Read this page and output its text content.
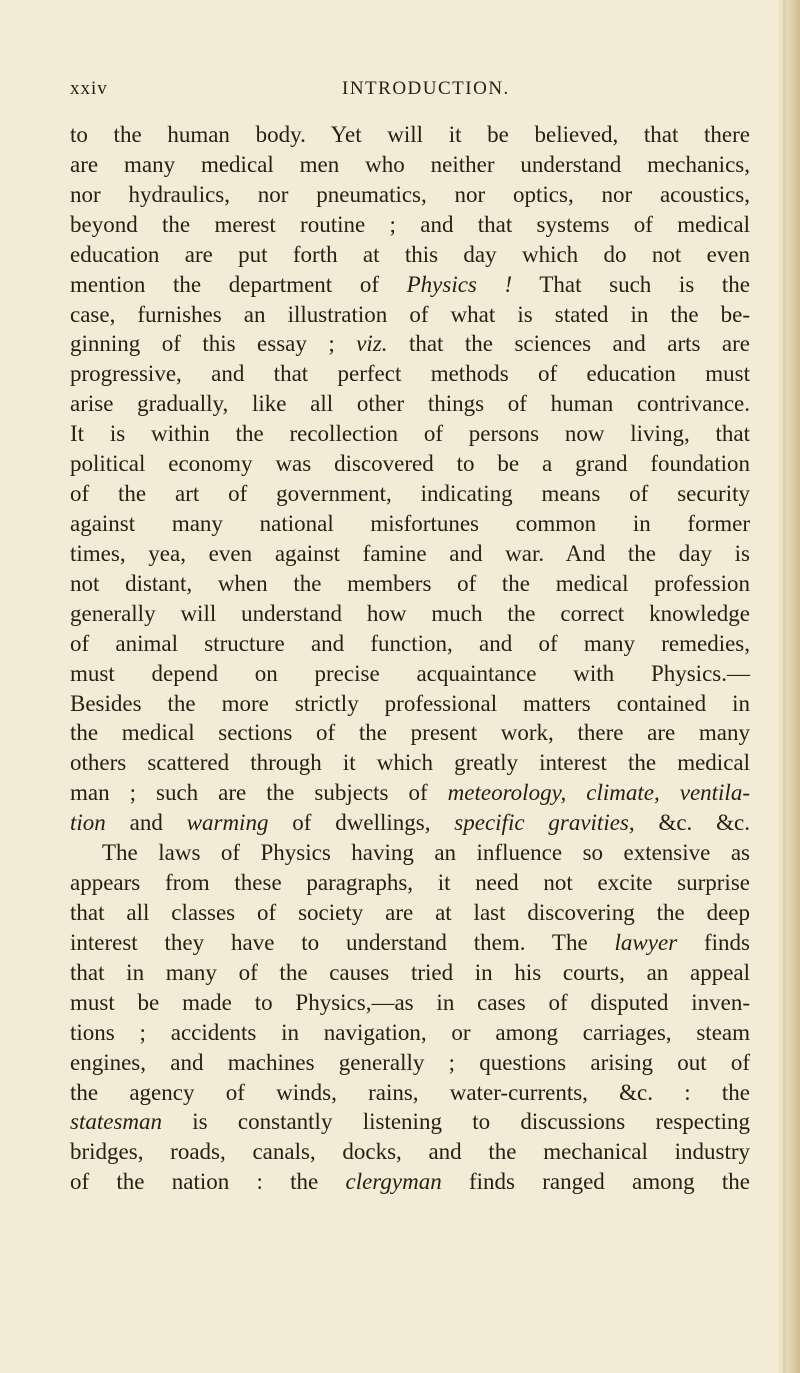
xxiv	INTRODUCTION.
to the human body. Yet will it be believed, that there
are many medical men who neither understand mechanics,
nor hydraulics, nor pneumatics, nor optics, nor acoustics,
beyond the merest routine ; and that systems of medical
education are put forth at this day which do not even
mention the department of Physics ! That such is the
case, furnishes an illustration of what is stated in the be-
ginning of this essay ; viz. that the sciences and arts are
progressive, and that perfect methods of education must
arise gradually, like all other things of human contrivance.
It is within the recollection of persons now living, that
political economy was discovered to be a grand foundation
of the art of government, indicating means of security
against many national misfortunes common in former
times, yea, even against famine and war. And the day is
not distant, when the members of the medical profession
generally will understand how much the correct knowledge
of animal structure and function, and of many remedies,
must depend on precise acquaintance with Physics.—
Besides the more strictly professional matters contained in
the medical sections of the present work, there are many
others scattered through it which greatly interest the medical
man ; such are the subjects of meteorology, climate, ventila-
tion and warming of dwellings, specific gravities, &c. &c.
The laws of Physics having an influence so extensive as
appears from these paragraphs, it need not excite surprise
that all classes of society are at last discovering the deep
interest they have to understand them. The lawyer finds
that in many of the causes tried in his courts, an appeal
must be made to Physics,—as in cases of disputed inven-
tions ; accidents in navigation, or among carriages, steam
engines, and machines generally ; questions arising out of
the agency of winds, rains, water-currents, &c. : the
statesman is constantly listening to discussions respecting
bridges, roads, canals, docks, and the mechanical industry
of the nation : the clergyman finds ranged among the
